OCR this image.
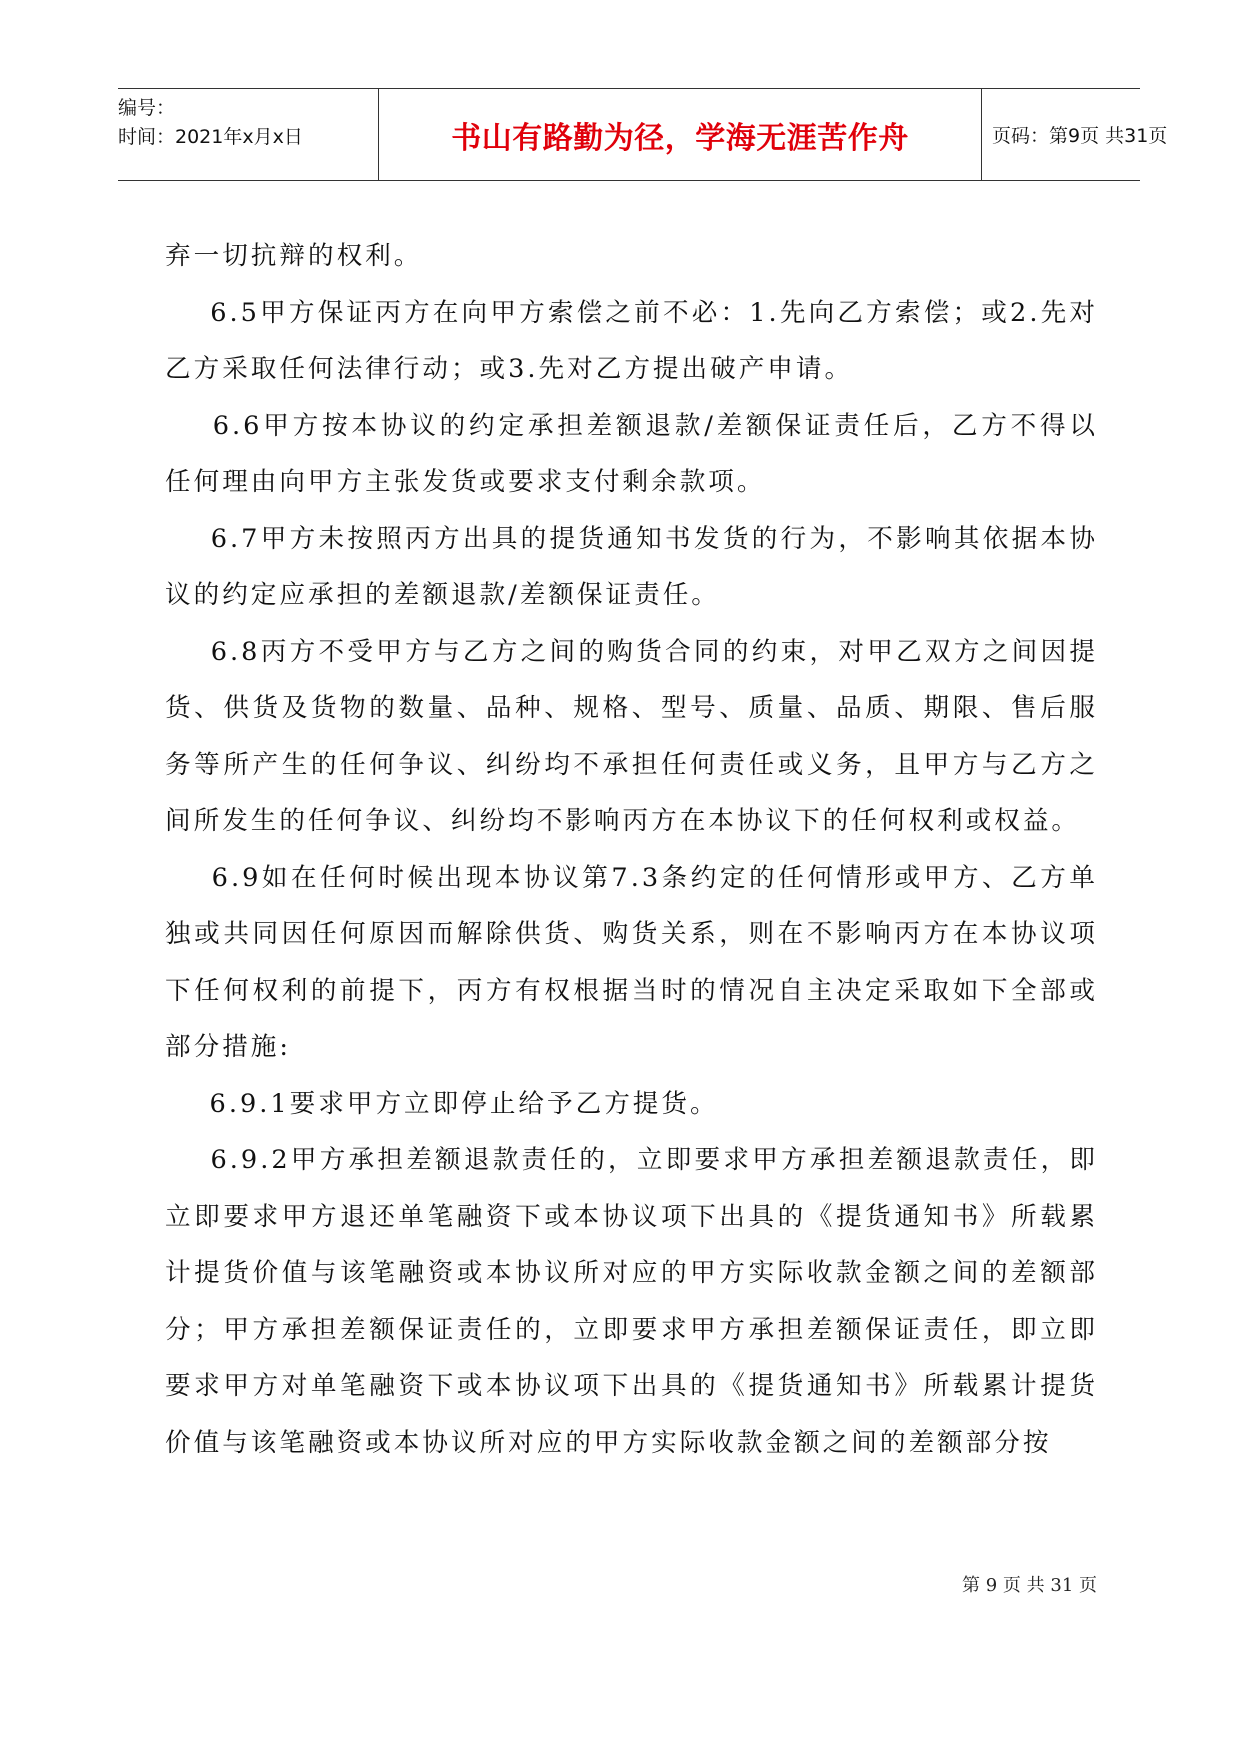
编号：
时间：2021年x月x日	书山有路勤为径，学海无涯苦作舟	页码：第9页 共31页

弃一切抗辩的权利。

6.5甲方保证丙方在向甲方索偿之前不必：1.先向乙方索偿；或2.先对乙方采取任何法律行动；或3.先对乙方提出破产申请。

6.6甲方按本协议的约定承担差额退款/差额保证责任后，乙方不得以任何理由向甲方主张发货或要求支付剩余款项。

6.7甲方未按照丙方出具的提货通知书发货的行为，不影响其依据本协议的约定应承担的差额退款/差额保证责任。

6.8丙方不受甲方与乙方之间的购货合同的约束，对甲乙双方之间因提货、供货及货物的数量、品种、规格、型号、质量、品质、期限、售后服务等所产生的任何争议、纠纷均不承担任何责任或义务，且甲方与乙方之间所发生的任何争议、纠纷均不影响丙方在本协议下的任何权利或权益。

6.9如在任何时候出现本协议第7.3条约定的任何情形或甲方、乙方单独或共同因任何原因而解除供货、购货关系，则在不影响丙方在本协议项下任何权利的前提下，丙方有权根据当时的情况自主决定采取如下全部或部分措施:

6.9.1要求甲方立即停止给予乙方提货。

6.9.2甲方承担差额退款责任的，立即要求甲方承担差额退款责任，即立即要求甲方退还单笔融资下或本协议项下出具的《提货通知书》所载累计提货价值与该笔融资或本协议所对应的甲方实际收款金额之间的差额部分；甲方承担差额保证责任的，立即要求甲方承担差额保证责任，即立即要求甲方对单笔融资下或本协议项下出具的《提货通知书》所载累计提货价值与该笔融资或本协议所对应的甲方实际收款金额之间的差额部分按

第 9 页 共 31 页
